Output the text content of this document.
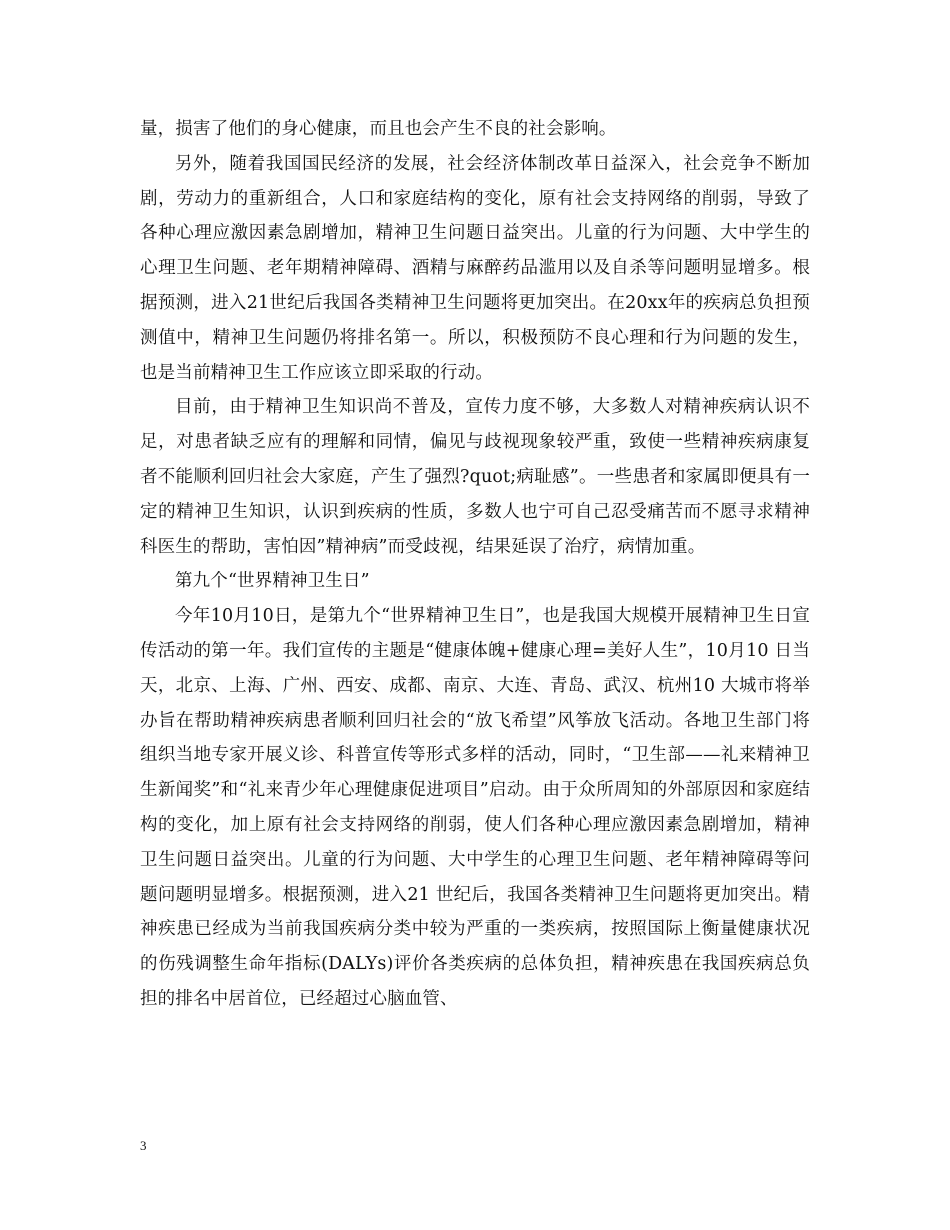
量，损害了他们的身心健康，而且也会产生不良的社会影响。

另外，随着我国国民经济的发展，社会经济体制改革日益深入，社会竞争不断加剧，劳动力的重新组合，人口和家庭结构的变化，原有社会支持网络的削弱，导致了各种心理应激因素急剧增加，精神卫生问题日益突出。儿童的行为问题、大中学生的心理卫生问题、老年期精神障碍、酒精与麻醉药品滥用以及自杀等问题明显增多。根据预测，进入21世纪后我国各类精神卫生问题将更加突出。在20xx年的疾病总负担预测值中，精神卫生问题仍将排名第一。所以，积极预防不良心理和行为问题的发生，也是当前精神卫生工作应该立即采取的行动。

目前，由于精神卫生知识尚不普及，宣传力度不够，大多数人对精神疾病认识不足，对患者缺乏应有的理解和同情，偏见与歧视现象较严重，致使一些精神疾病康复者不能顺利回归社会大家庭，产生了强烈?quot;病耻感”。一些患者和家属即便具有一定的精神卫生知识，认识到疾病的性质，多数人也宁可自己忍受痛苦而不愿寻求精神科医生的帮助，害怕因”精神病”而受歧视，结果延误了治疗，病情加重。

第九个“世界精神卫生日”

今年10月10日，是第九个“世界精神卫生日”，也是我国大规模开展精神卫生日宣传活动的第一年。我们宣传的主题是“健康体魄+健康心理=美好人生”，10月10 日当天，北京、上海、广州、西安、成都、南京、大连、青岛、武汉、杭州10 大城市将举办旨在帮助精神疾病患者顺利回归社会的“放飞希望”风筝放飞活动。各地卫生部门将组织当地专家开展义诊、科普宣传等形式多样的活动，同时，“卫生部——礼来精神卫生新闻奖”和“礼来青少年心理健康促进项目”启动。由于众所周知的外部原因和家庭结构的变化，加上原有社会支持网络的削弱，使人们各种心理应激因素急剧增加，精神卫生问题日益突出。儿童的行为问题、大中学生的心理卫生问题、老年精神障碍等问题问题明显增多。根据预测，进入21 世纪后，我国各类精神卫生问题将更加突出。精神疾患已经成为当前我国疾病分类中较为严重的一类疾病，按照国际上衡量健康状况的伤残调整生命年指标(DALYs)评价各类疾病的总体负担，精神疾患在我国疾病总负担的排名中居首位，已经超过心脑血管、

3
